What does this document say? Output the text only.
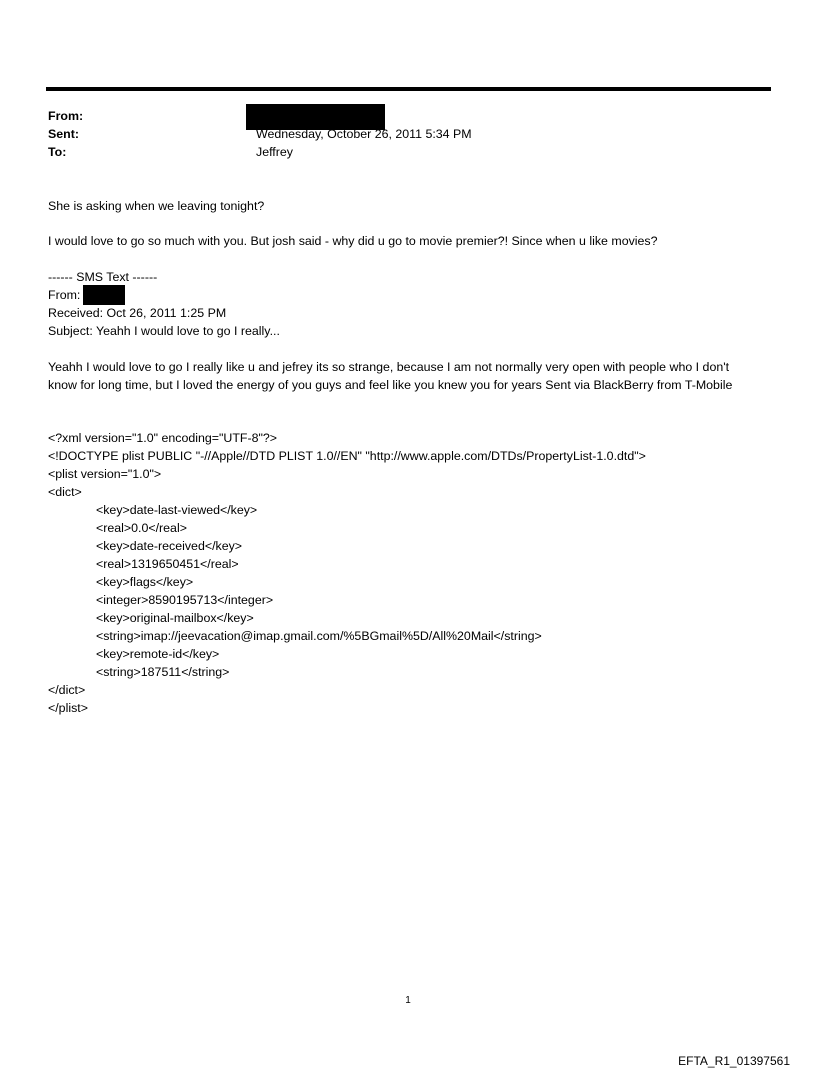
From:
Sent:
To:
Wednesday, October 26, 2011 5:34 PM
Jeffrey
She is asking when we leaving tonight?
I would love to go so much with you. But josh said - why did u go to movie premier?! Since when u like movies?
------ SMS Text ------
From:
Received: Oct 26, 2011 1:25 PM
Subject: Yeahh I would love to go I really...
Yeahh I would love to go I really like u and jefrey its so strange, because I am not normally very open with people who I don't know for long time, but I loved the energy of you guys and feel like you knew you for years Sent via BlackBerry from T-Mobile
<?xml version="1.0" encoding="UTF-8"?>
<!DOCTYPE plist PUBLIC "-//Apple//DTD PLIST 1.0//EN" "http://www.apple.com/DTDs/PropertyList-1.0.dtd">
<plist version="1.0">
<dict>
<key>date-last-viewed</key>
<real>0.0</real>
<key>date-received</key>
<real>1319650451</real>
<key>flags</key>
<integer>8590195713</integer>
<key>original-mailbox</key>
<string>imap://jeevacation@imap.gmail.com/%5BGmail%5D/All%20Mail</string>
<key>remote-id</key>
<string>187511</string>
</dict>
</plist>
1
EFTA_R1_01397561
